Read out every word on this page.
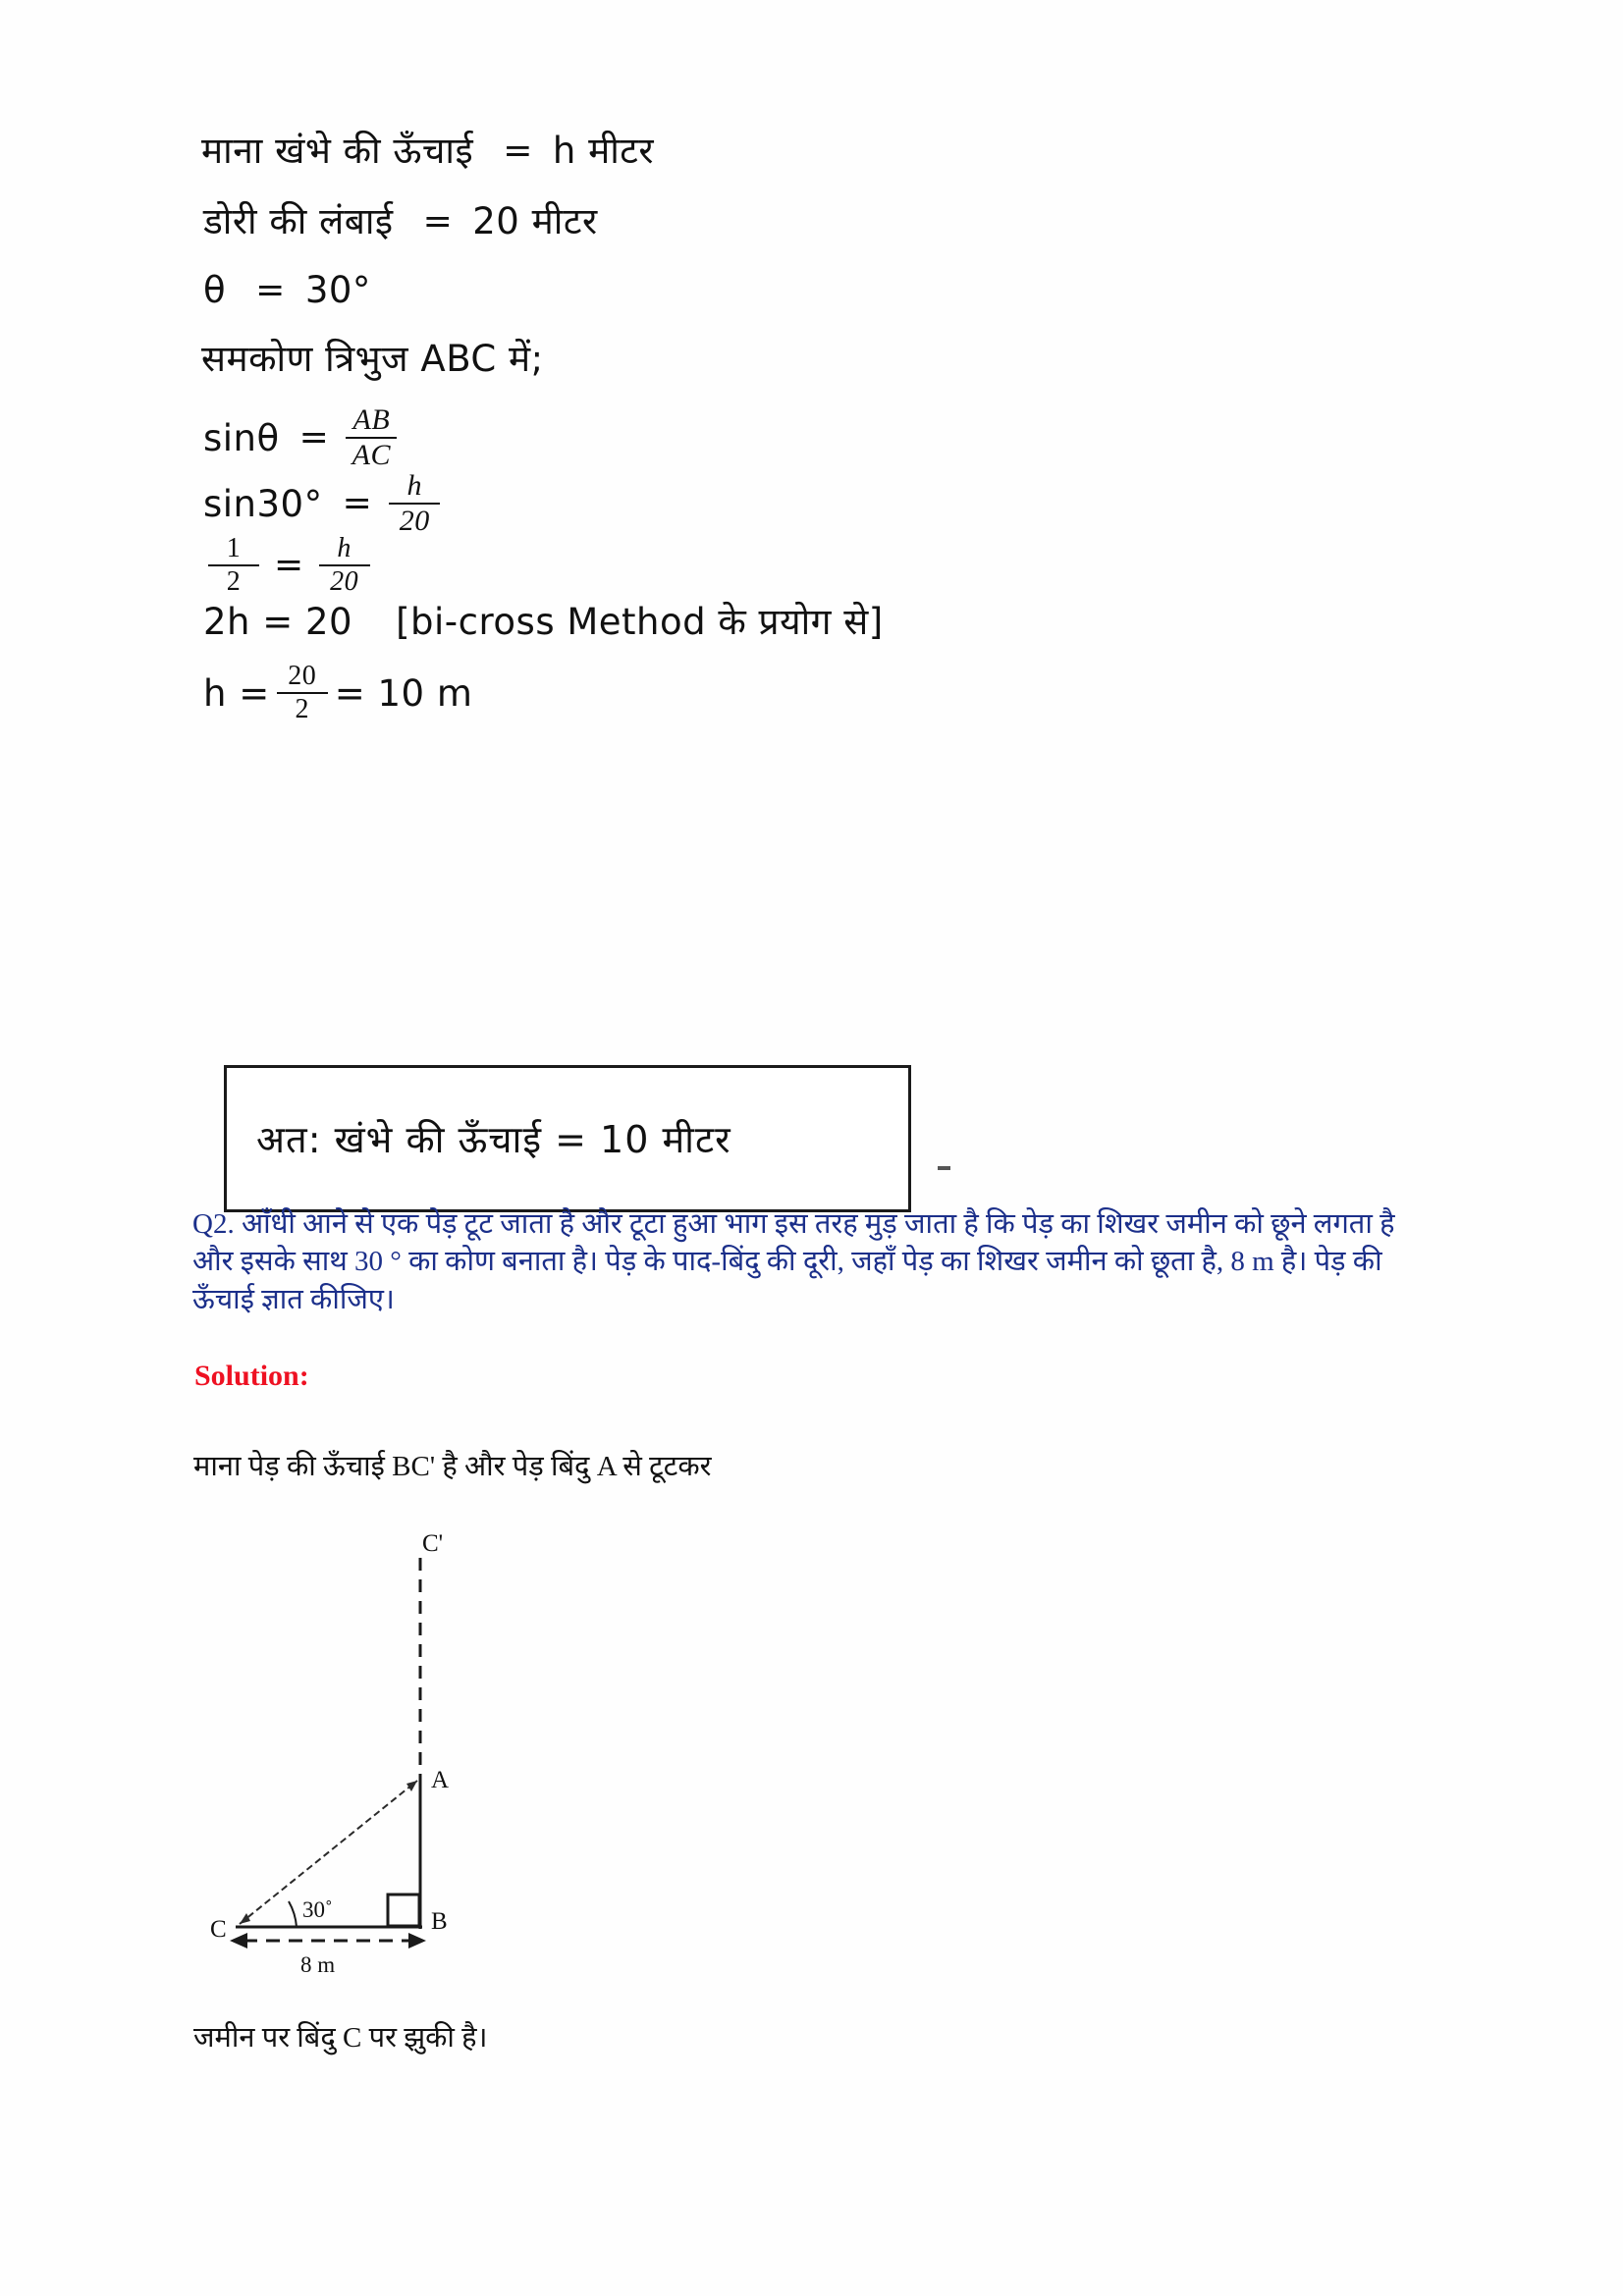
माना खंभे की ऊँचाई = h मीटर
डोरी की लंबाई = 20 मीटर
θ = 30°
समकोण त्रिभुज ABC में;
$\sin\theta = \frac{AB}{AC}$
$\sin 30^\circ = \frac{h}{20}$
$\frac{1}{2} = \frac{h}{20}$
2h = 20 [bi-cross Method के प्रयोग से]
$h = \frac{20}{2} = 10$ m
अत: खंभे की ऊँचाई = 10 मीटर
Q2. आँधी आने से एक पेड़ टूट जाता है और टूटा हुआ भाग इस तरह मुड़ जाता है कि पेड़ का शिखर जमीन को छूने लगता है और इसके साथ 30 ° का कोण बनाता है। पेड़ के पाद-बिंदु की दूरी, जहाँ पेड़ का शिखर जमीन को छूता है, 8 m है। पेड़ की ऊँचाई ज्ञात कीजिए।
Solution:
माना पेड़ की ऊँचाई BC' है और पेड़ बिंदु A से टूटकर
C'
A
B
C
30˚
8 m
जमीन पर बिंदु C पर झुकी है।
